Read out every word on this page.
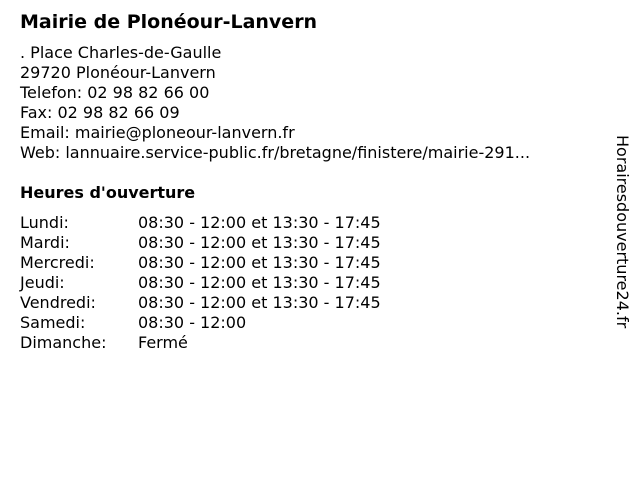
Mairie de Plonéour-Lanvern
. Place Charles-de-Gaulle
29720 Plonéour-Lanvern
Telefon: 02 98 82 66 00
Fax: 02 98 82 66 09
Email: mairie@ploneour-lanvern.fr
Web: lannuaire.service-public.fr/bretagne/finistere/mairie-291...
Heures d'ouverture
Lundi:	08:30 - 12:00 et 13:30 - 17:45
Mardi:	08:30 - 12:00 et 13:30 - 17:45
Mercredi:	08:30 - 12:00 et 13:30 - 17:45
Jeudi:	08:30 - 12:00 et 13:30 - 17:45
Vendredi:	08:30 - 12:00 et 13:30 - 17:45
Samedi:	08:30 - 12:00
Dimanche: Fermé
Horairesdouverture24.fr
